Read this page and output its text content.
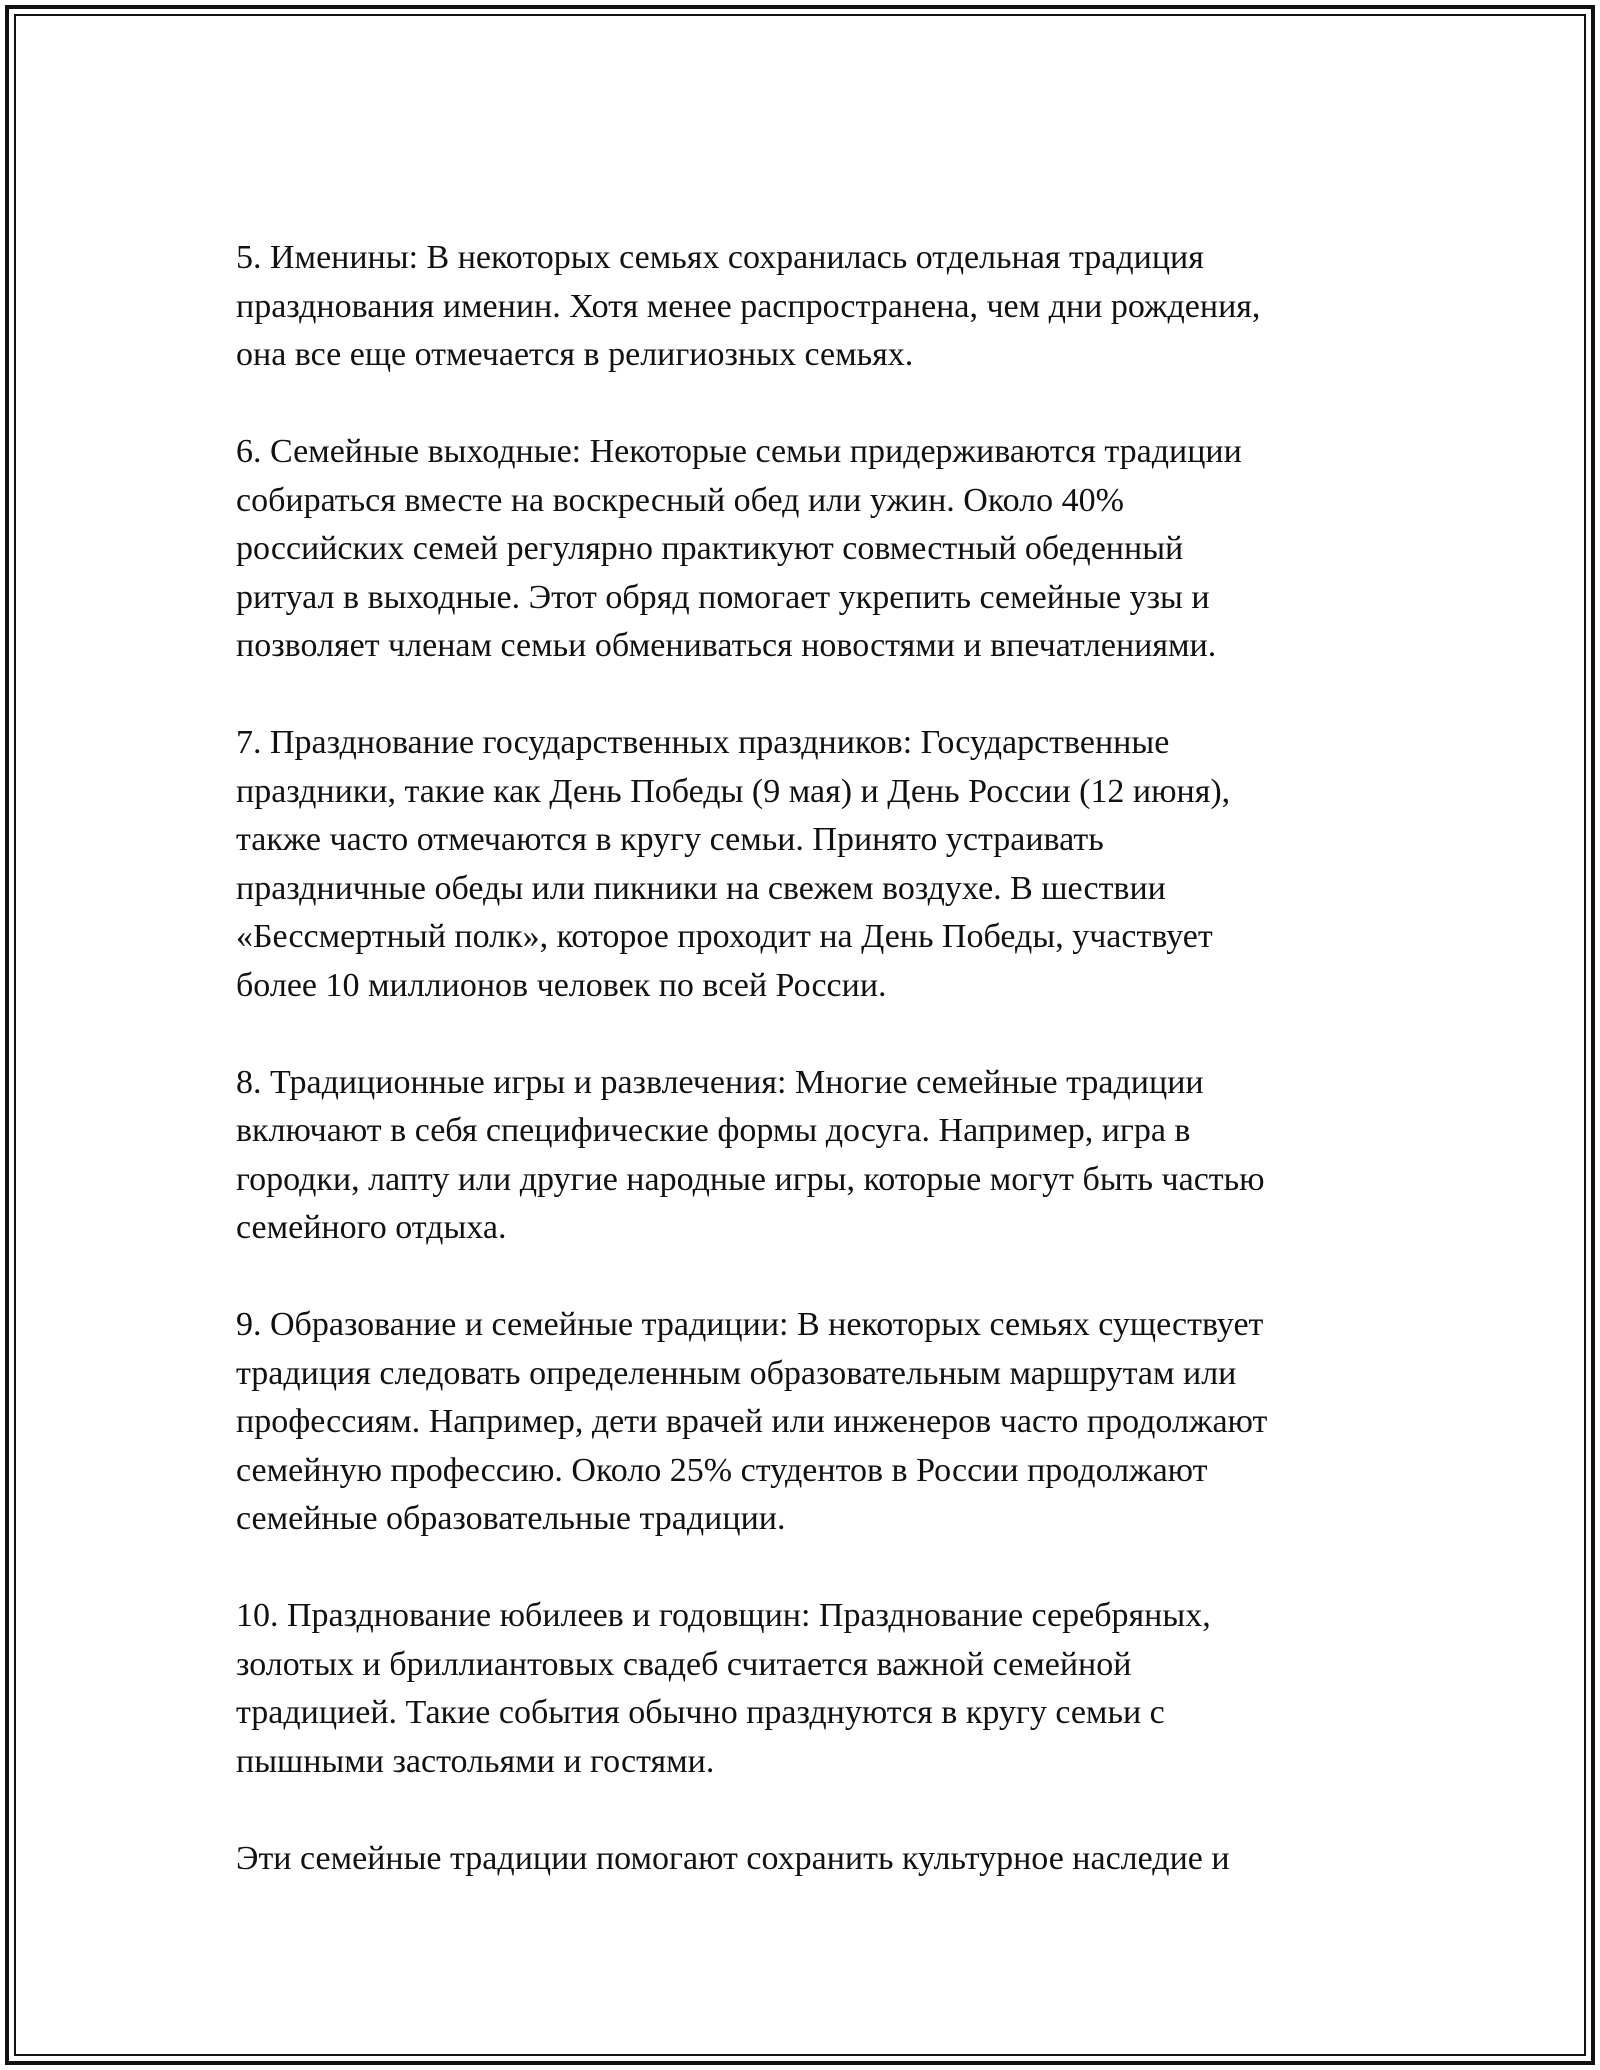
5. Именины: В некоторых семьях сохранилась отдельная традиция
празднования именин. Хотя менее распространена, чем дни рождения,
она все еще отмечается в религиозных семьях.

6. Семейные выходные: Некоторые семьи придерживаются традиции
собираться вместе на воскресный обед или ужин. Около 40%
российских семей регулярно практикуют совместный обеденный
ритуал в выходные. Этот обряд помогает укрепить семейные узы и
позволяет членам семьи обмениваться новостями и впечатлениями.

7. Празднование государственных праздников: Государственные
праздники, такие как День Победы (9 мая) и День России (12 июня),
также часто отмечаются в кругу семьи. Принято устраивать
праздничные обеды или пикники на свежем воздухе. В шествии
«Бессмертный полк», которое проходит на День Победы, участвует
более 10 миллионов человек по всей России.

8. Традиционные игры и развлечения: Многие семейные традиции
включают в себя специфические формы досуга. Например, игра в
городки, лапту или другие народные игры, которые могут быть частью
семейного отдыха.

9. Образование и семейные традиции: В некоторых семьях существует
традиция следовать определенным образовательным маршрутам или
профессиям. Например, дети врачей или инженеров часто продолжают
семейную профессию. Около 25% студентов в России продолжают
семейные образовательные традиции.

10. Празднование юбилеев и годовщин: Празднование серебряных,
золотых и бриллиантовых свадеб считается важной семейной
традицией. Такие события обычно празднуются в кругу семьи с
пышными застольями и гостями.

Эти семейные традиции помогают сохранить культурное наследие и
